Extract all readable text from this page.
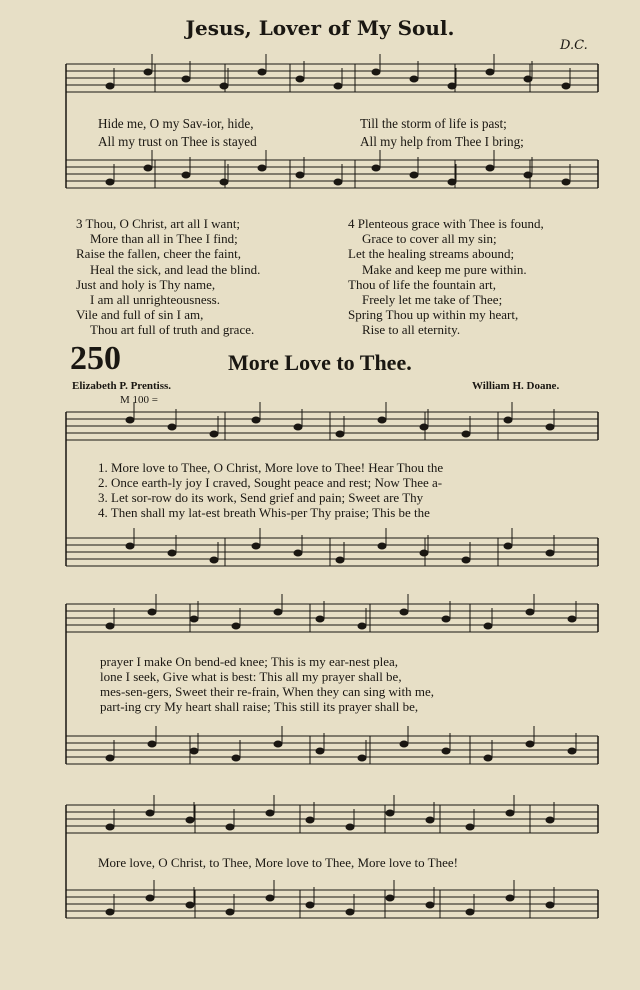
Jesus, Lover of My Soul.
D.C.
Hide me, O my Sav-ior, hide,	Till the storm of life is past;
All my trust on Thee is stayed	All my help from Thee I bring;
3 Thou, O Christ, art all I want;
More than all in Thee I find;
Raise the fallen, cheer the faint,
Heal the sick, and lead the blind.
Just and holy is Thy name,
I am all unrighteousness.
Vile and full of sin I am,
Thou art full of truth and grace.
4 Plenteous grace with Thee is found,
Grace to cover all my sin;
Let the healing streams abound;
Make and keep me pure within.
Thou of life the fountain art,
Freely let me take of Thee;
Spring Thou up within my heart,
Rise to all eternity.
250	More Love to Thee.
Elizabeth P. Prentiss.	William H. Doane.
M 100 =
1. More love to Thee, O Christ, More love to Thee! Hear Thou the
2. Once earth-ly joy I craved, Sought peace and rest; Now Thee a-
3. Let sor-row do its work, Send grief and pain; Sweet are Thy
4. Then shall my lat-est breath Whis-per Thy praise; This be the
prayer I make On bend-ed knee; This is my ear-nest plea,
lone I seek, Give what is best: This all my prayer shall be,
mes-sen-gers, Sweet their re-frain, When they can sing with me,
part-ing cry My heart shall raise; This still its prayer shall be,
More love, O Christ, to Thee, More love to Thee, More love to Thee!
